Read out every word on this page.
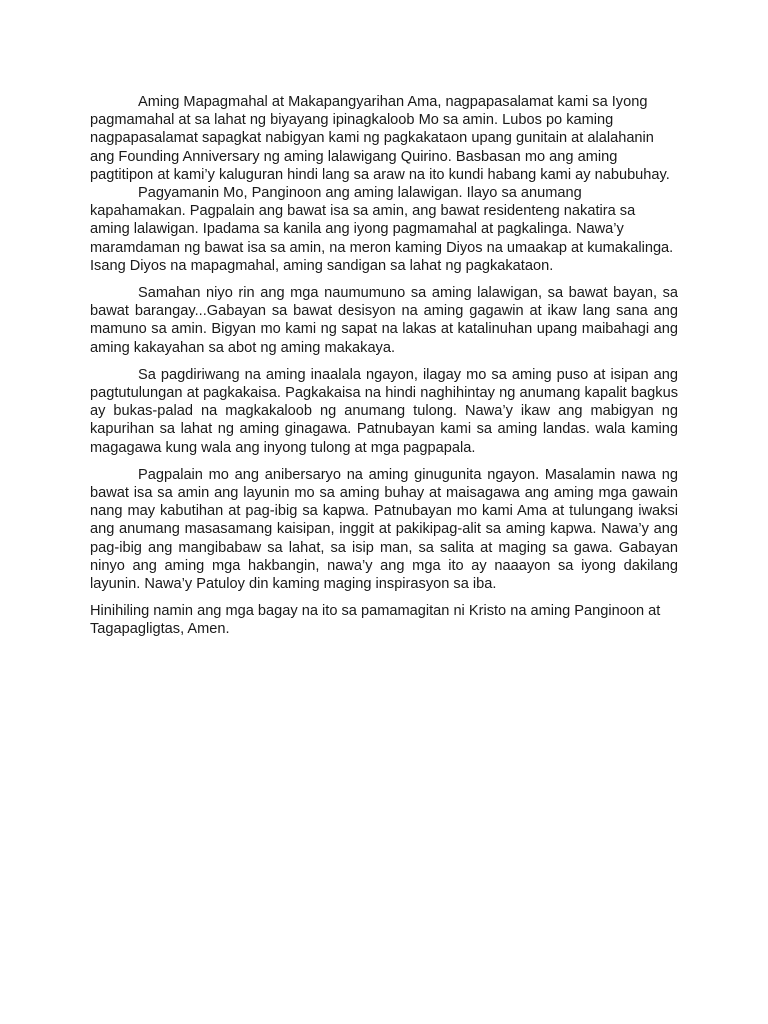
Aming Mapagmahal at Makapangyarihan Ama, nagpapasalamat kami sa Iyong pagmamahal at sa lahat ng biyayang ipinagkaloob Mo sa amin. Lubos po kaming nagpapasalamat sapagkat nabigyan kami ng pagkakataon upang gunitain at alalahanin ang Founding Anniversary ng aming lalawigang Quirino. Basbasan mo ang aming pagtitipon at kami’y kaluguran hindi lang sa araw na ito kundi habang kami ay nabubuhay.

Pagyamanin Mo, Panginoon ang aming lalawigan. Ilayo sa anumang kapahamakan. Pagpalain ang bawat isa sa amin, ang bawat residenteng nakatira sa aming lalawigan. Ipadama sa kanila ang iyong pagmamahal at pagkalinga. Nawa’y maramdaman ng bawat isa sa amin, na meron kaming Diyos na umaakap at kumakalinga. Isang Diyos na mapagmahal, aming sandigan sa lahat ng pagkakataon.

Samahan niyo rin ang mga naumumuno sa aming lalawigan, sa bawat bayan, sa bawat barangay...Gabayan sa bawat desisyon na aming gagawin at ikaw lang sana ang mamuno sa amin. Bigyan mo kami ng sapat na lakas at katalinuhan upang maibahagi ang aming kakayahan sa abot ng aming makakaya.

Sa pagdiriwang na aming inaalala ngayon, ilagay mo sa aming puso at isipan ang pagtutulungan at pagkakaisa. Pagkakaisa na hindi naghihintay ng anumang kapalit bagkus ay bukas-palad na magkakaloob ng anumang tulong. Nawa’y ikaw ang mabigyan ng kapurihan sa lahat ng aming ginagawa. Patnubayan kami sa aming landas. wala kaming magagawa kung wala ang inyong tulong at mga pagpapala.

Pagpalain mo ang anibersaryo na aming ginugunita ngayon. Masalamin nawa ng bawat isa sa amin ang layunin mo sa aming buhay at maisagawa ang aming mga gawain nang may kabutihan at pag-ibig sa kapwa. Patnubayan mo kami Ama at tulungang iwaksi ang anumang masasamang kaisipan, inggit at pakikipag-alit sa aming kapwa. Nawa’y ang pag-ibig ang mangibabaw sa lahat, sa isip man, sa salita at maging sa gawa. Gabayan ninyo ang aming mga hakbangin, nawa’y ang mga ito ay naaayon sa iyong dakilang layunin. Nawa’y Patuloy din kaming maging inspirasyon sa iba.

Hinihiling namin ang mga bagay na ito sa pamamagitan ni Kristo na aming Panginoon at Tagapagligtas, Amen.
